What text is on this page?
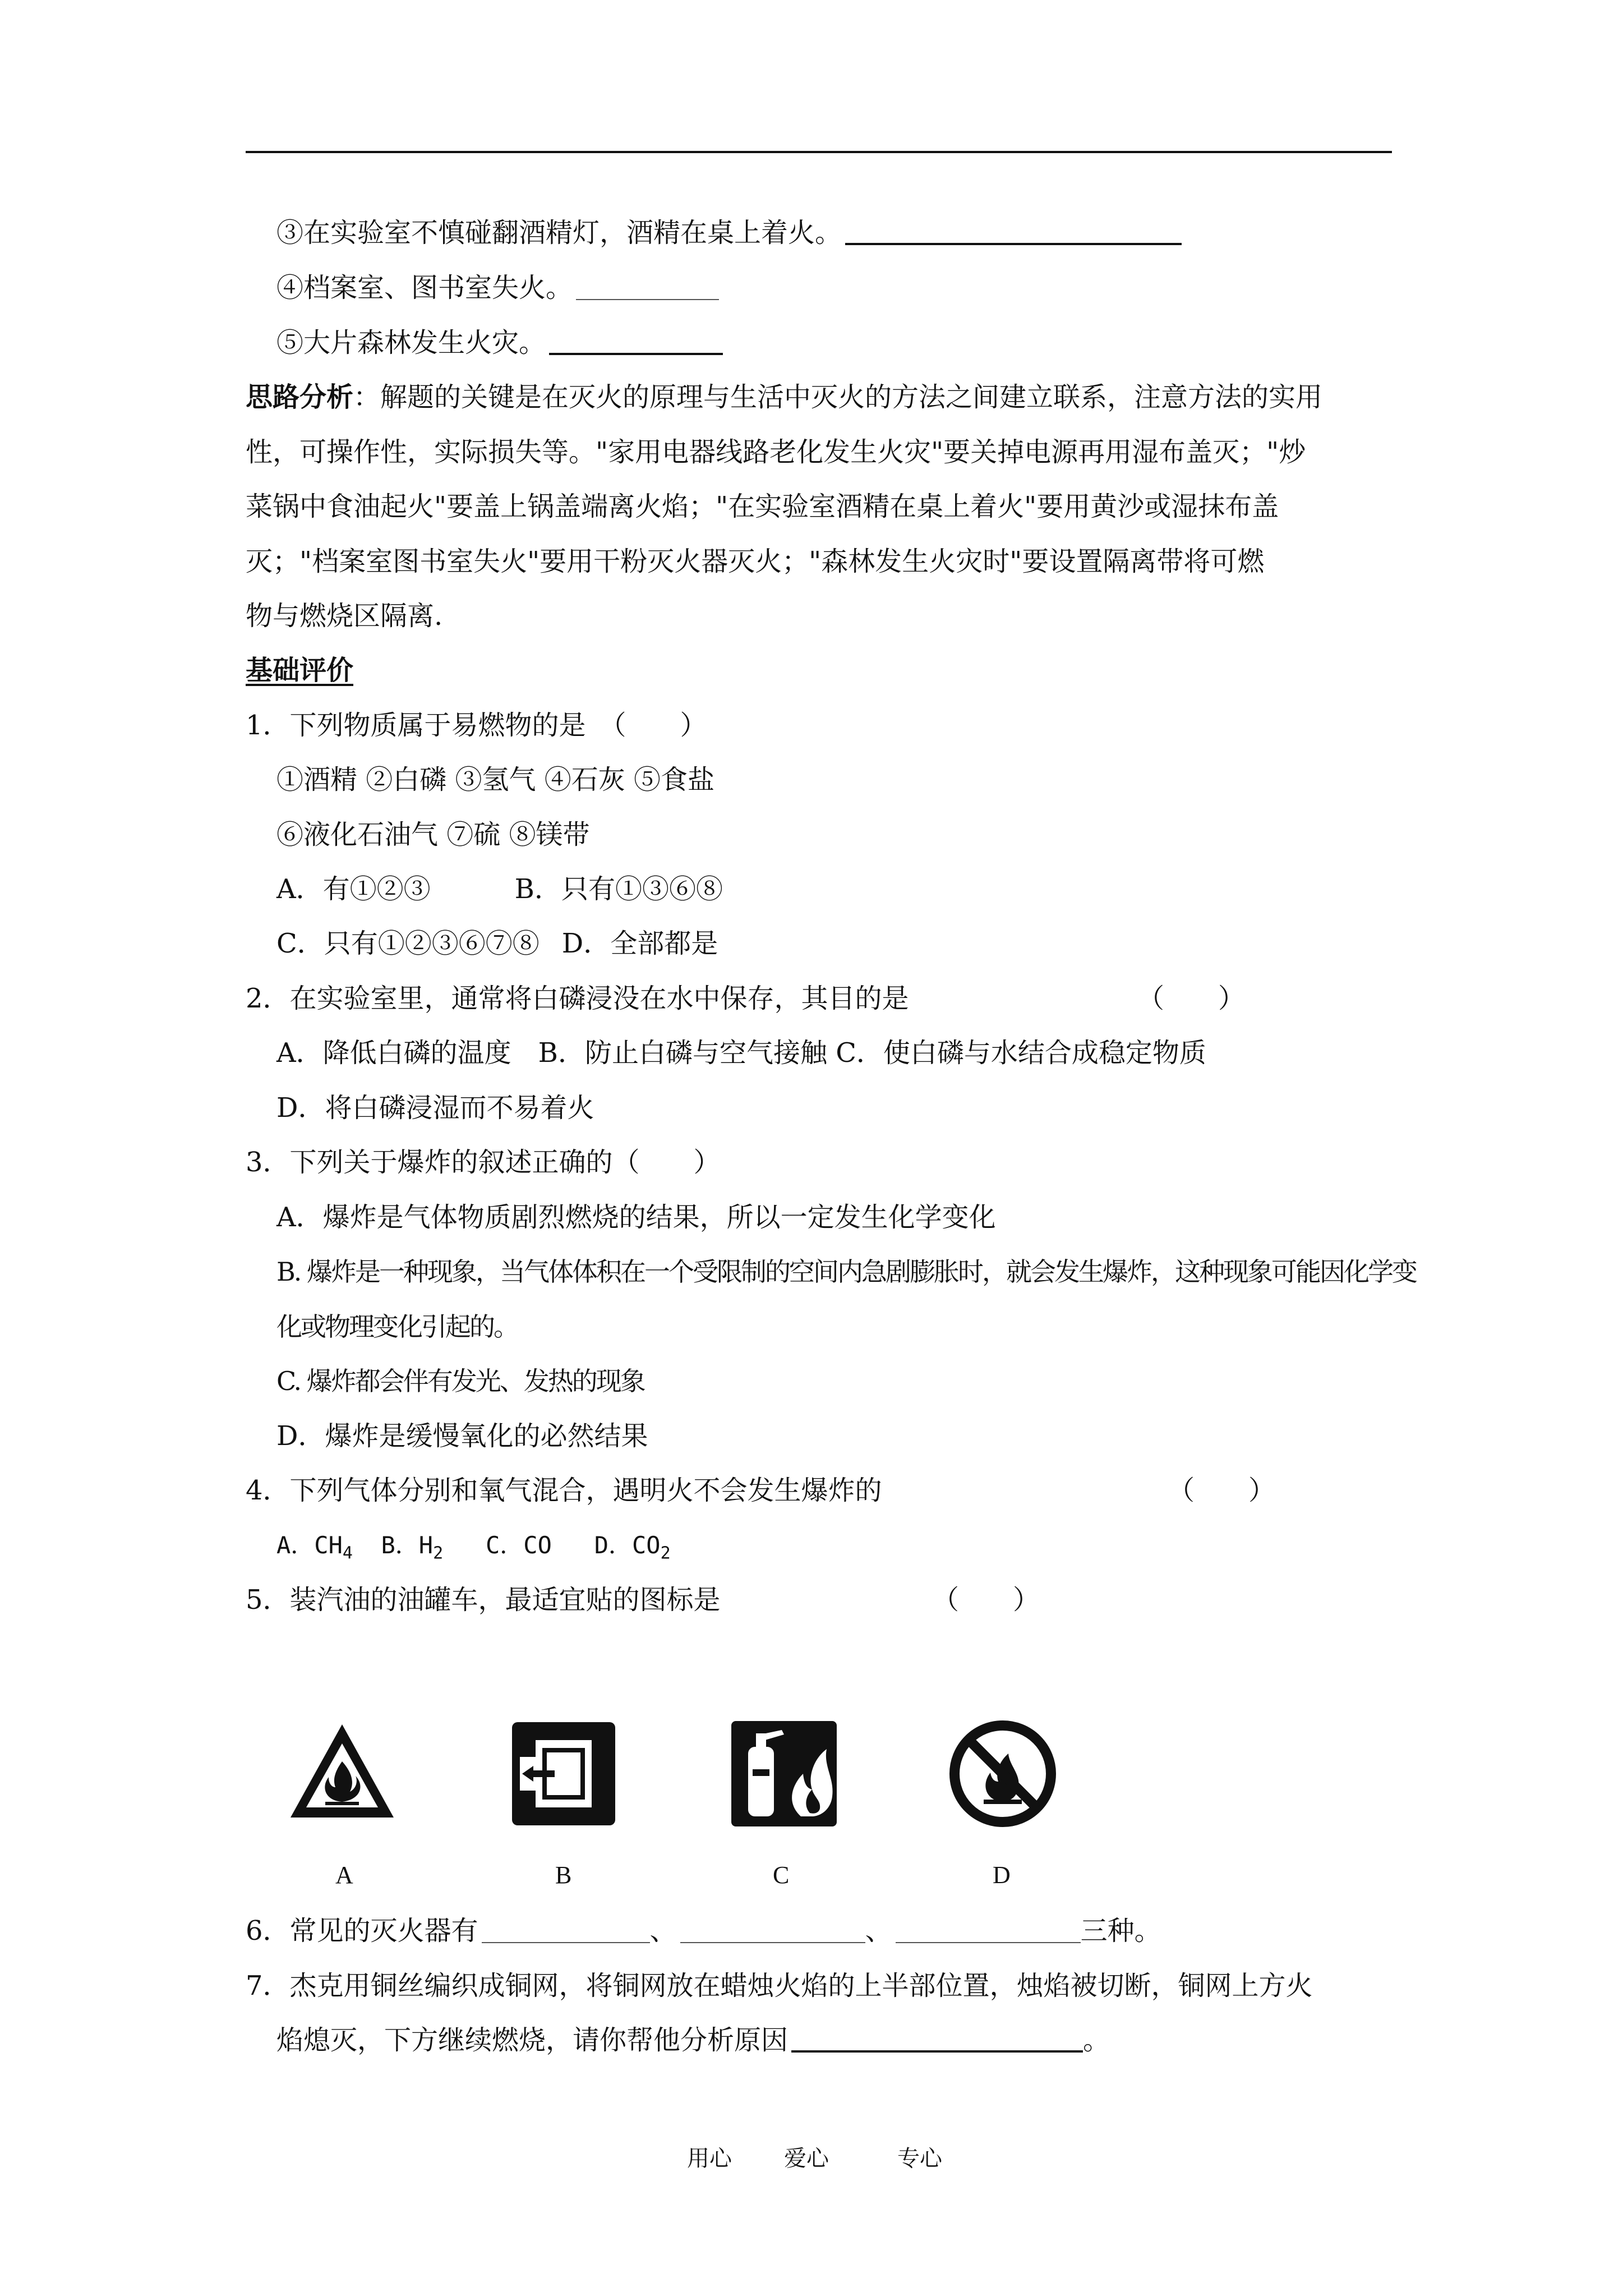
③在实验室不慎碰翻酒精灯，酒精在桌上着火。
④档案室、图书室失火。
⑤大片森林发生火灾。
思路分析：解题的关键是在灭火的原理与生活中灭火的方法之间建立联系，注意方法的实用
性，可操作性，实际损失等。"家用电器线路老化发生火灾"要关掉电源再用湿布盖灭；"炒
菜锅中食油起火"要盖上锅盖端离火焰；"在实验室酒精在桌上着火"要用黄沙或湿抹布盖
灭；"档案室图书室失火"要用干粉灭火器灭火；"森林发生火灾时"要设置隔离带将可燃
物与燃烧区隔离.
基础评价
1．下列物质属于易燃物的是　（　　）
①酒精 ②白磷 ③氢气 ④石灰 ⑤食盐
⑥液化石油气 ⑦硫 ⑧镁带
A．有①②③	B．只有①③⑥⑧
C．只有①②③⑥⑦⑧ D．全部都是
2．在实验室里，通常将白磷浸没在水中保存，其目的是	（　　）
A．降低白磷的温度　B．防止白磷与空气接触 C．使白磷与水结合成稳定物质
D．将白磷浸湿而不易着火
3．下列关于爆炸的叙述正确的（　　）
A．爆炸是气体物质剧烈燃烧的结果，所以一定发生化学变化
B. 爆炸是一种现象，当气体体积在一个受限制的空间内急剧膨胀时，就会发生爆炸，这种现象可能因化学变
化或物理变化引起的。
C. 爆炸都会伴有发光、发热的现象
D．爆炸是缓慢氧化的必然结果
4．下列气体分别和氧气混合，遇明火不会发生爆炸的	（　　）
A．$CH_4$ B．$H_2$ C．CO D．$CO_2$
5．装汽油的油罐车，最适宜贴的图标是	（　　）
A	B	C	D
6．常见的灭火器有	、	、	三种。
7．杰克用铜丝编织成铜网，将铜网放在蜡烛火焰的上半部位置，烛焰被切断，铜网上方火
焰熄灭，下方继续燃烧，请你帮他分析原因	。
用心 爱心	专心
